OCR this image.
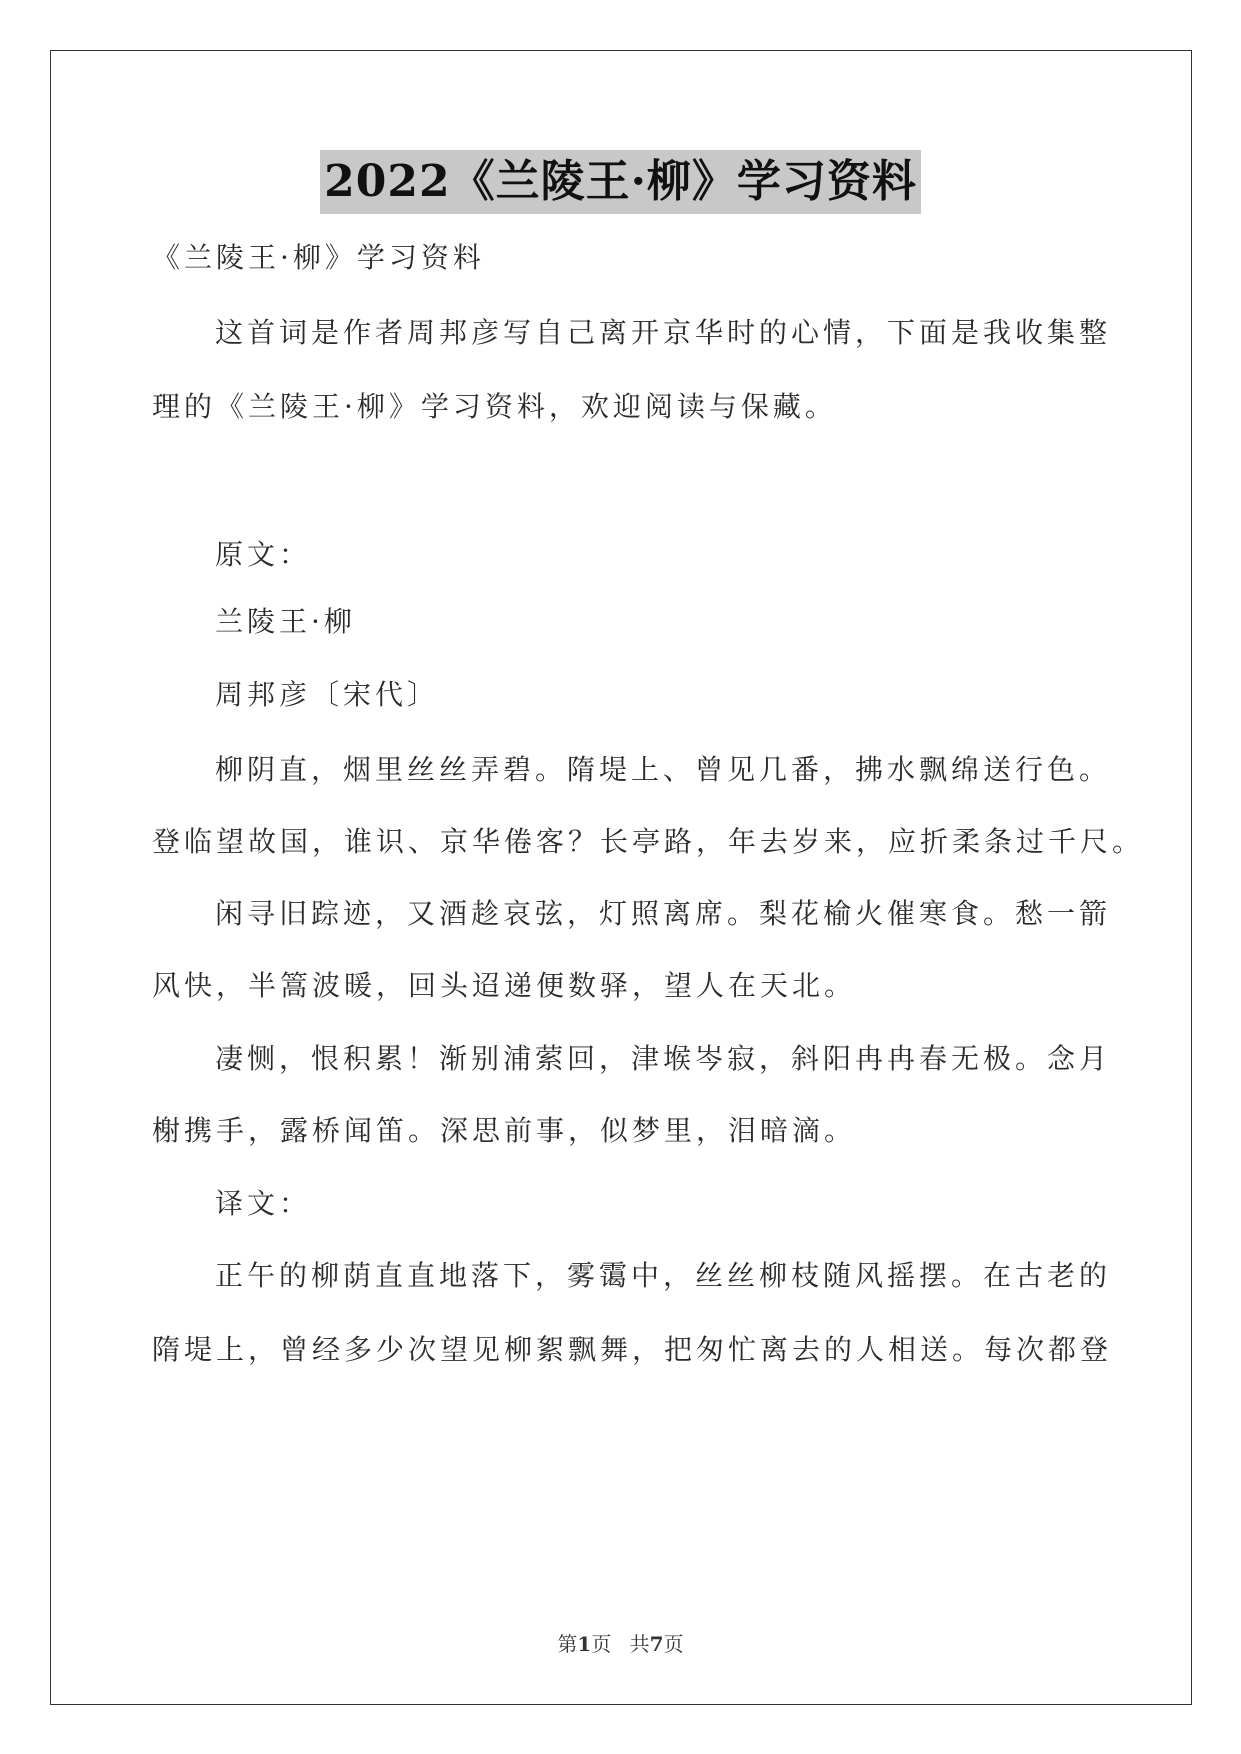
2022《兰陵王·柳》学习资料
《兰陵王·柳》学习资料
这首词是作者周邦彦写自己离开京华时的心情，下面是我收集整
理的《兰陵王·柳》学习资料，欢迎阅读与保藏。
原文：
兰陵王·柳
周邦彦〔宋代〕
柳阴直，烟里丝丝弄碧。隋堤上、曾见几番，拂水飘绵送行色。
登临望故国，谁识、京华倦客？长亭路，年去岁来，应折柔条过千尺。
闲寻旧踪迹，又酒趁哀弦，灯照离席。梨花榆火催寒食。愁一箭
风快，半篙波暖，回头迢递便数驿，望人在天北。
凄恻，恨积累！渐别浦萦回，津堠岑寂，斜阳冉冉春无极。念月
榭携手，露桥闻笛。深思前事，似梦里，泪暗滴。
译文：
正午的柳荫直直地落下，雾霭中，丝丝柳枝随风摇摆。在古老的
隋堤上，曾经多少次望见柳絮飘舞，把匆忙离去的人相送。每次都登
第1页 共7页
